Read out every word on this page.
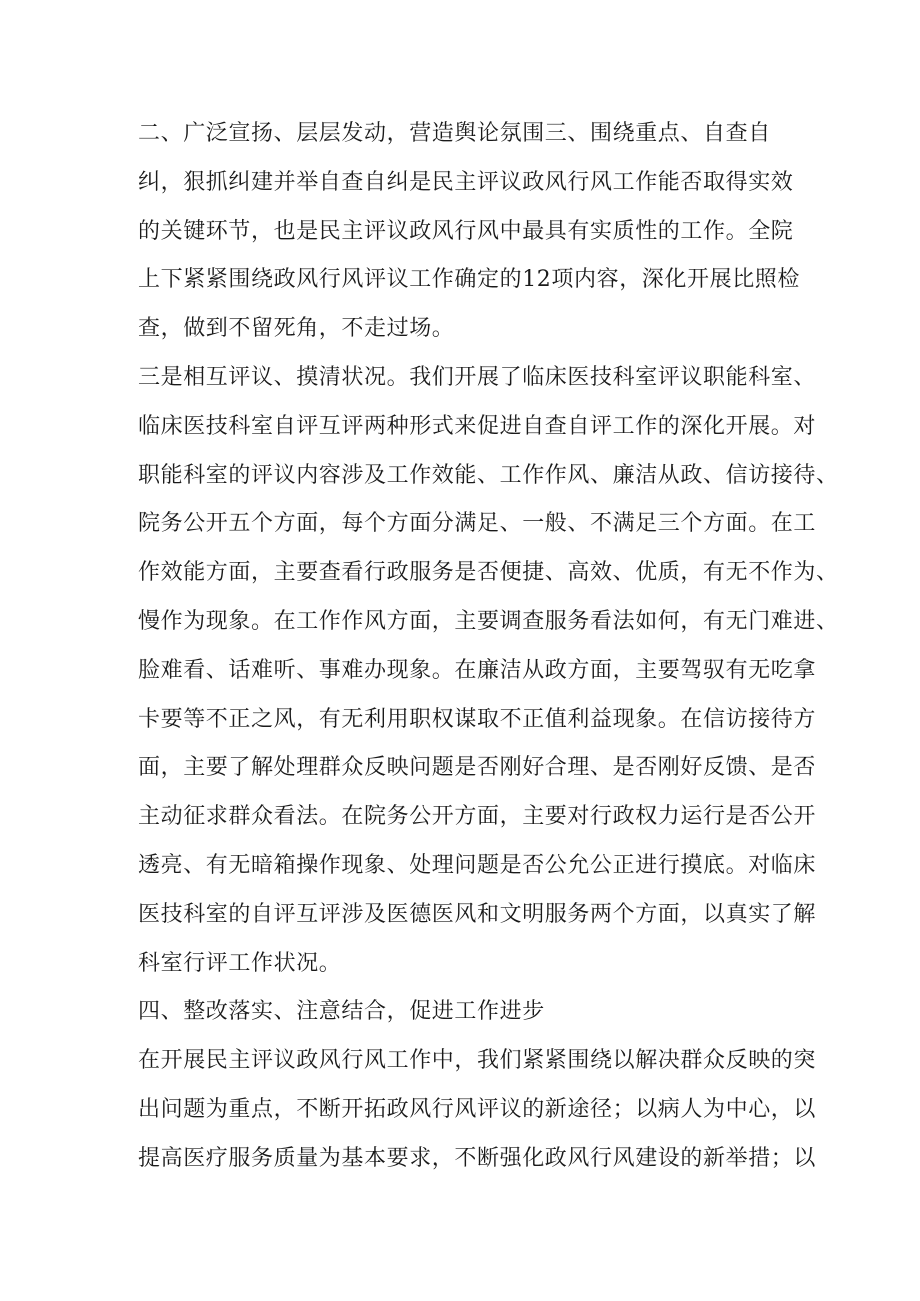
二、广泛宣扬、层层发动，营造舆论氛围三、围绕重点、自查自
纠，狠抓纠建并举自查自纠是民主评议政风行风工作能否取得实效
的关键环节，也是民主评议政风行风中最具有实质性的工作。全院
上下紧紧围绕政风行风评议工作确定的12项内容，深化开展比照检
查，做到不留死角，不走过场。
三是相互评议、摸清状况。我们开展了临床医技科室评议职能科室、
临床医技科室自评互评两种形式来促进自查自评工作的深化开展。对
职能科室的评议内容涉及工作效能、工作作风、廉洁从政、信访接待、
院务公开五个方面，每个方面分满足、一般、不满足三个方面。在工
作效能方面，主要查看行政服务是否便捷、高效、优质，有无不作为、
慢作为现象。在工作作风方面，主要调查服务看法如何，有无门难进、
脸难看、话难听、事难办现象。在廉洁从政方面，主要驾驭有无吃拿
卡要等不正之风，有无利用职权谋取不正值利益现象。在信访接待方
面，主要了解处理群众反映问题是否刚好合理、是否刚好反馈、是否
主动征求群众看法。在院务公开方面，主要对行政权力运行是否公开
透亮、有无暗箱操作现象、处理问题是否公允公正进行摸底。对临床
医技科室的自评互评涉及医德医风和文明服务两个方面，以真实了解
科室行评工作状况。
四、整改落实、注意结合，促进工作进步
在开展民主评议政风行风工作中，我们紧紧围绕以解决群众反映的突
出问题为重点，不断开拓政风行风评议的新途径；以病人为中心，以
提高医疗服务质量为基本要求，不断强化政风行风建设的新举措；以
